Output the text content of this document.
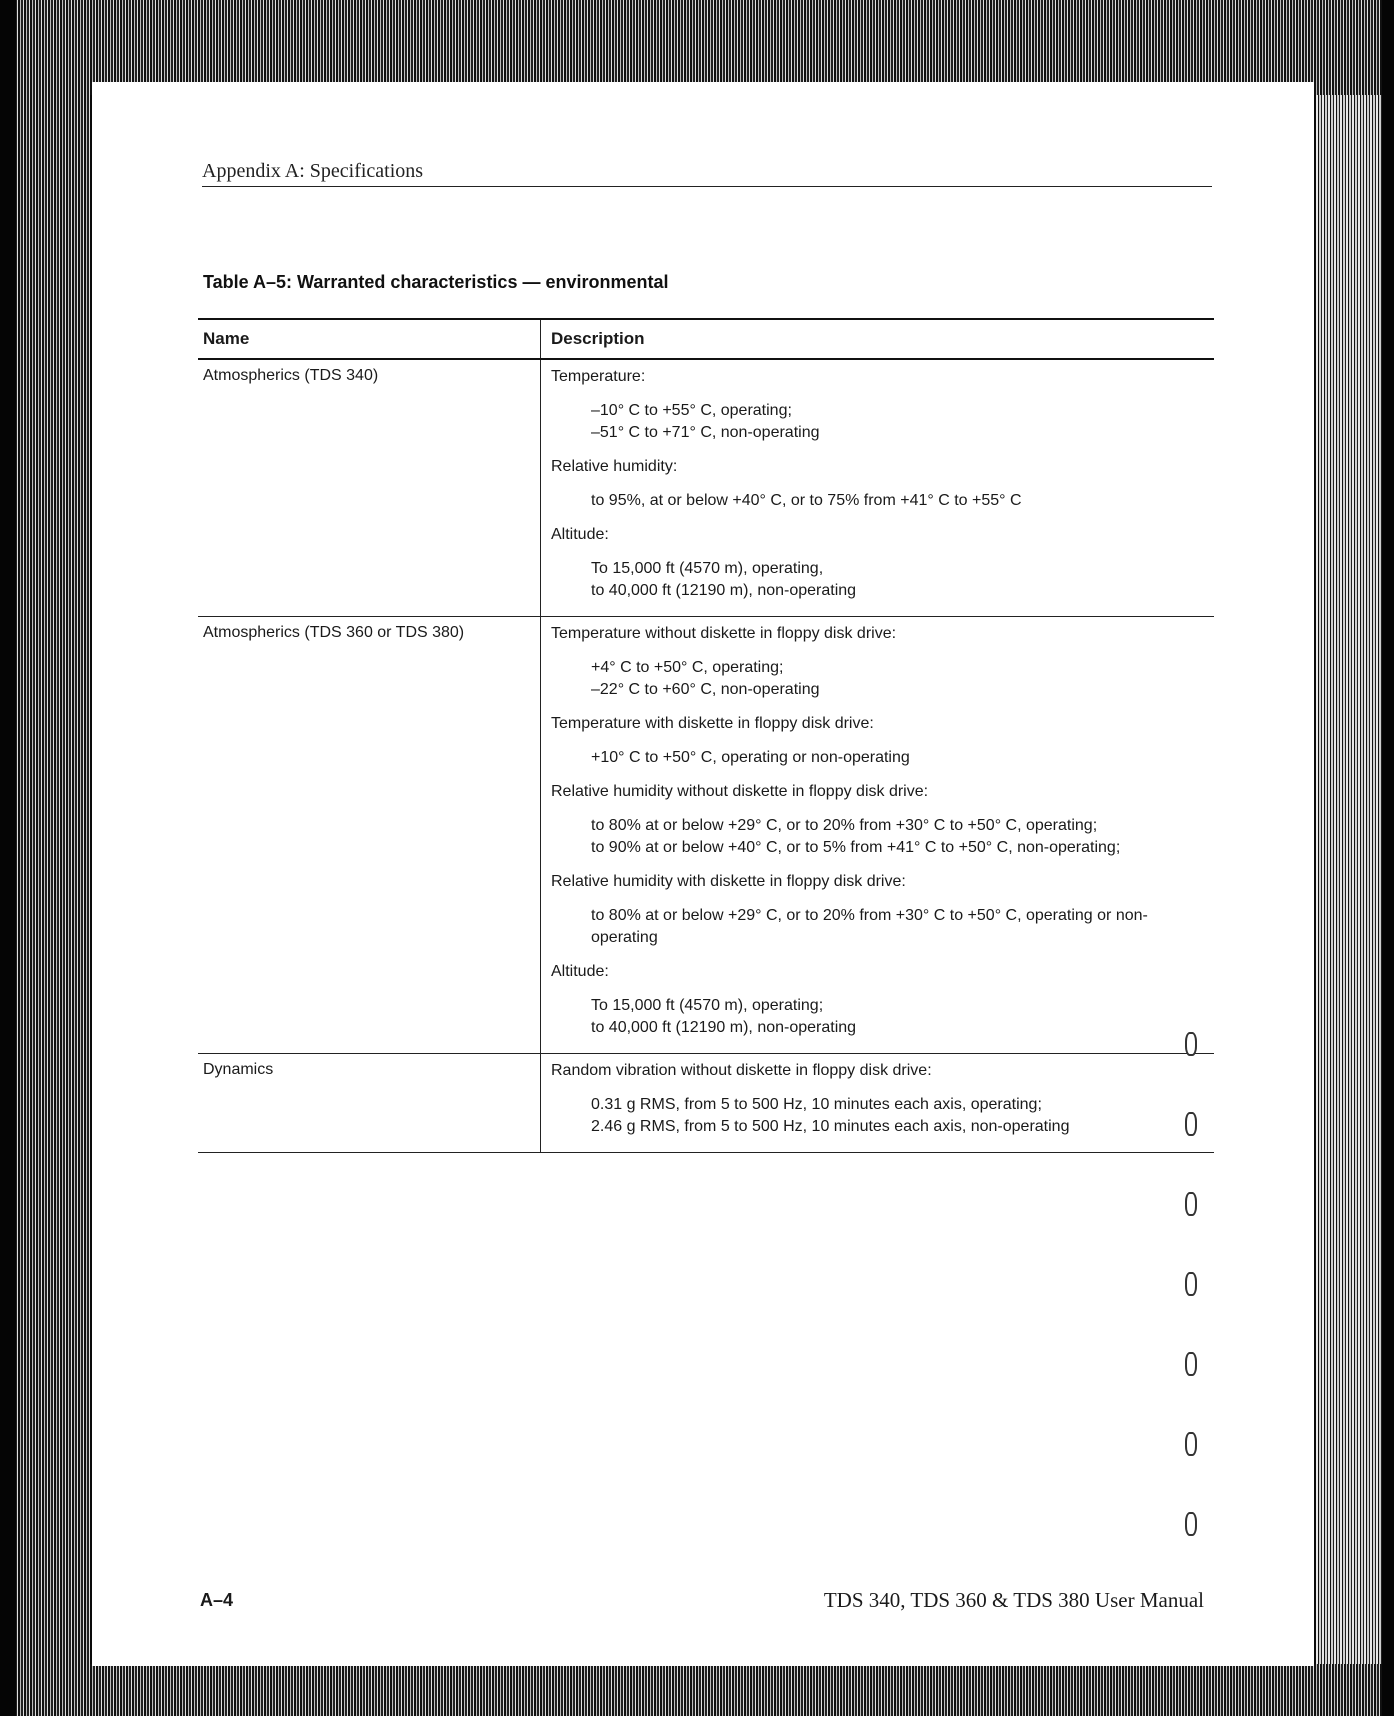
Appendix A: Specifications
Table A–5: Warranted characteristics — environmental
Name	Description
Atmospherics (TDS 340)	Temperature:
–10° C to +55° C, operating;
–51° C to +71° C, non-operating
Relative humidity:
to 95%, at or below +40° C, or to 75% from +41° C to +55° C
Altitude:
To 15,000 ft (4570 m), operating,
to 40,000 ft (12190 m), non-operating
Atmospherics (TDS 360 or TDS 380)	Temperature without diskette in floppy disk drive:
+4° C to +50° C, operating;
–22° C to +60° C, non-operating
Temperature with diskette in floppy disk drive:
+10° C to +50° C, operating or non-operating
Relative humidity without diskette in floppy disk drive:
to 80% at or below +29° C, or to 20% from +30° C to +50° C, operating;
to 90% at or below +40° C, or to 5% from +41° C to +50° C, non-operating;
Relative humidity with diskette in floppy disk drive:
to 80% at or below +29° C, or to 20% from +30° C to +50° C, operating or non-operating
Altitude:
To 15,000 ft (4570 m), operating;
to 40,000 ft (12190 m), non-operating
Dynamics	Random vibration without diskette in floppy disk drive:
0.31 g RMS, from 5 to 500 Hz, 10 minutes each axis, operating;
2.46 g RMS, from 5 to 500 Hz, 10 minutes each axis, non-operating
A–4	TDS 340, TDS 360 & TDS 380 User Manual
